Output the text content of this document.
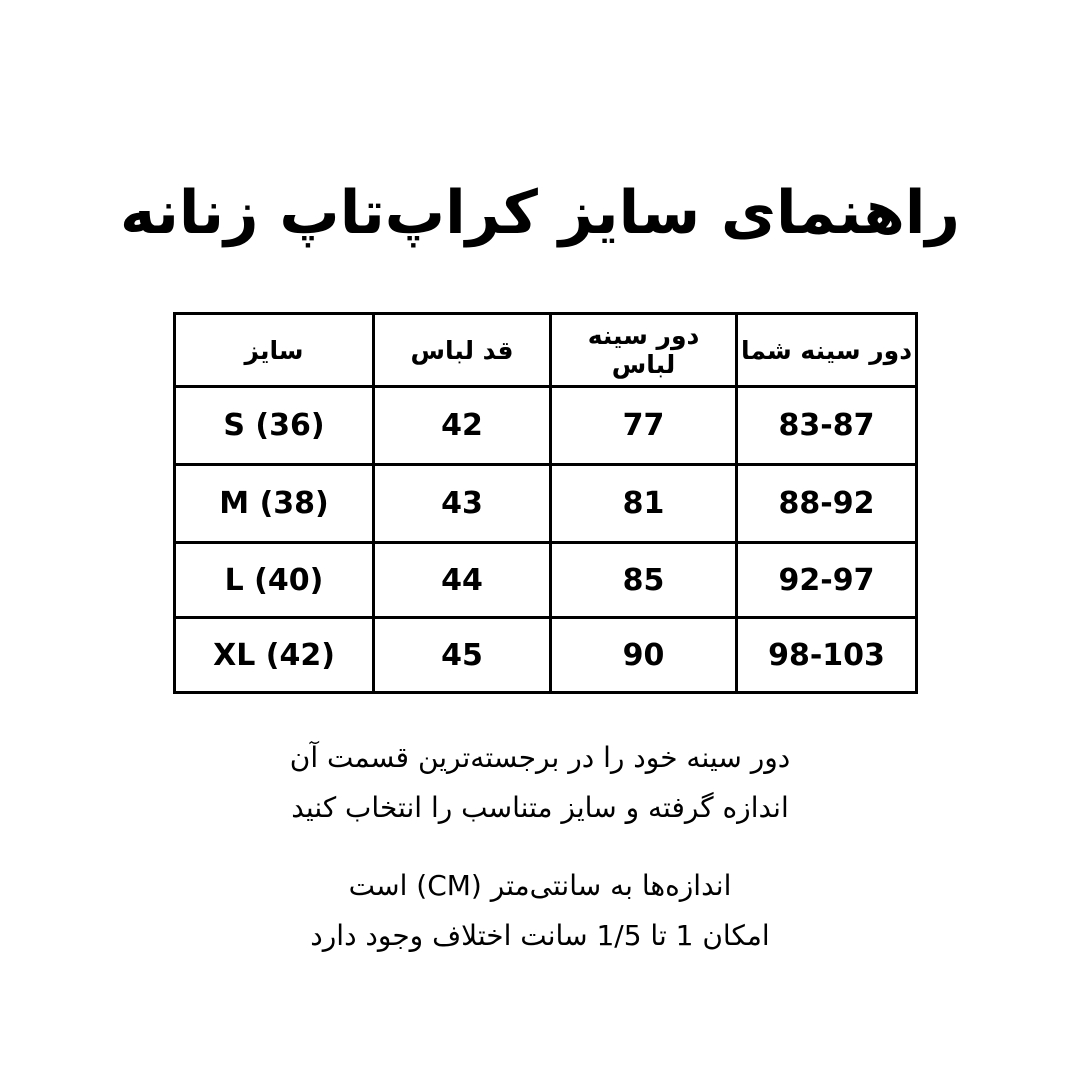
راهنمای سایز کراپ‌تاپ زنانه
سایز	قد لباس	دور سینه لباس	دور سینه شما
S (36)	42	77	83-87
M (38)	43	81	88-92
L (40)	44	85	92-97
XL (42)	45	90	98-103

دور سینه خود را در برجسته‌ترین قسمت آن

اندازه گرفته و سایز متناسب را انتخاب کنید

اندازه‌ها به سانتی‌متر (CM) است

امکان 1 تا 1/5 سانت اختلاف وجود دارد
